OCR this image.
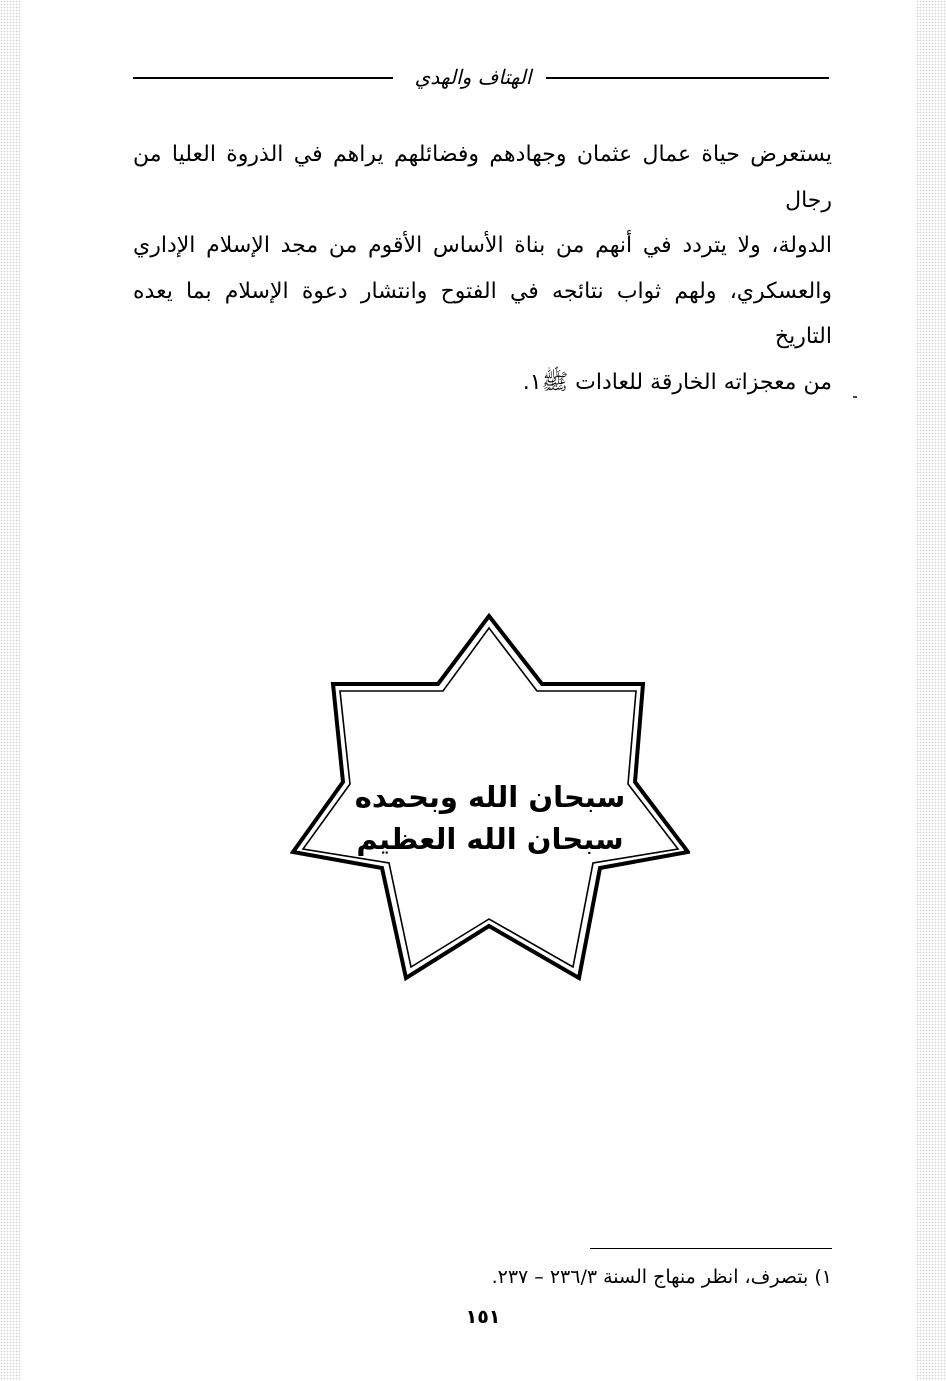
الهتاف والهدي
يستعرض حياة عمال عثمان وجهادهم وفضائلهم يراهم في الذروة العليا من رجال
الدولة، ولا يتردد في أنهم من بناة الأساس الأقوم من مجد الإسلام الإداري
والعسكري، ولهم ثواب نتائجه في الفتوح وانتشار دعوة الإسلام بما يعده التاريخ
من معجزاته الخارقة للعادات ﷺ١.
سبحان الله وبحمده
سبحان الله العظيم
١) بتصرف، انظر منهاج السنة ٢٣٦/٣ – ٢٣٧.
١٥١
